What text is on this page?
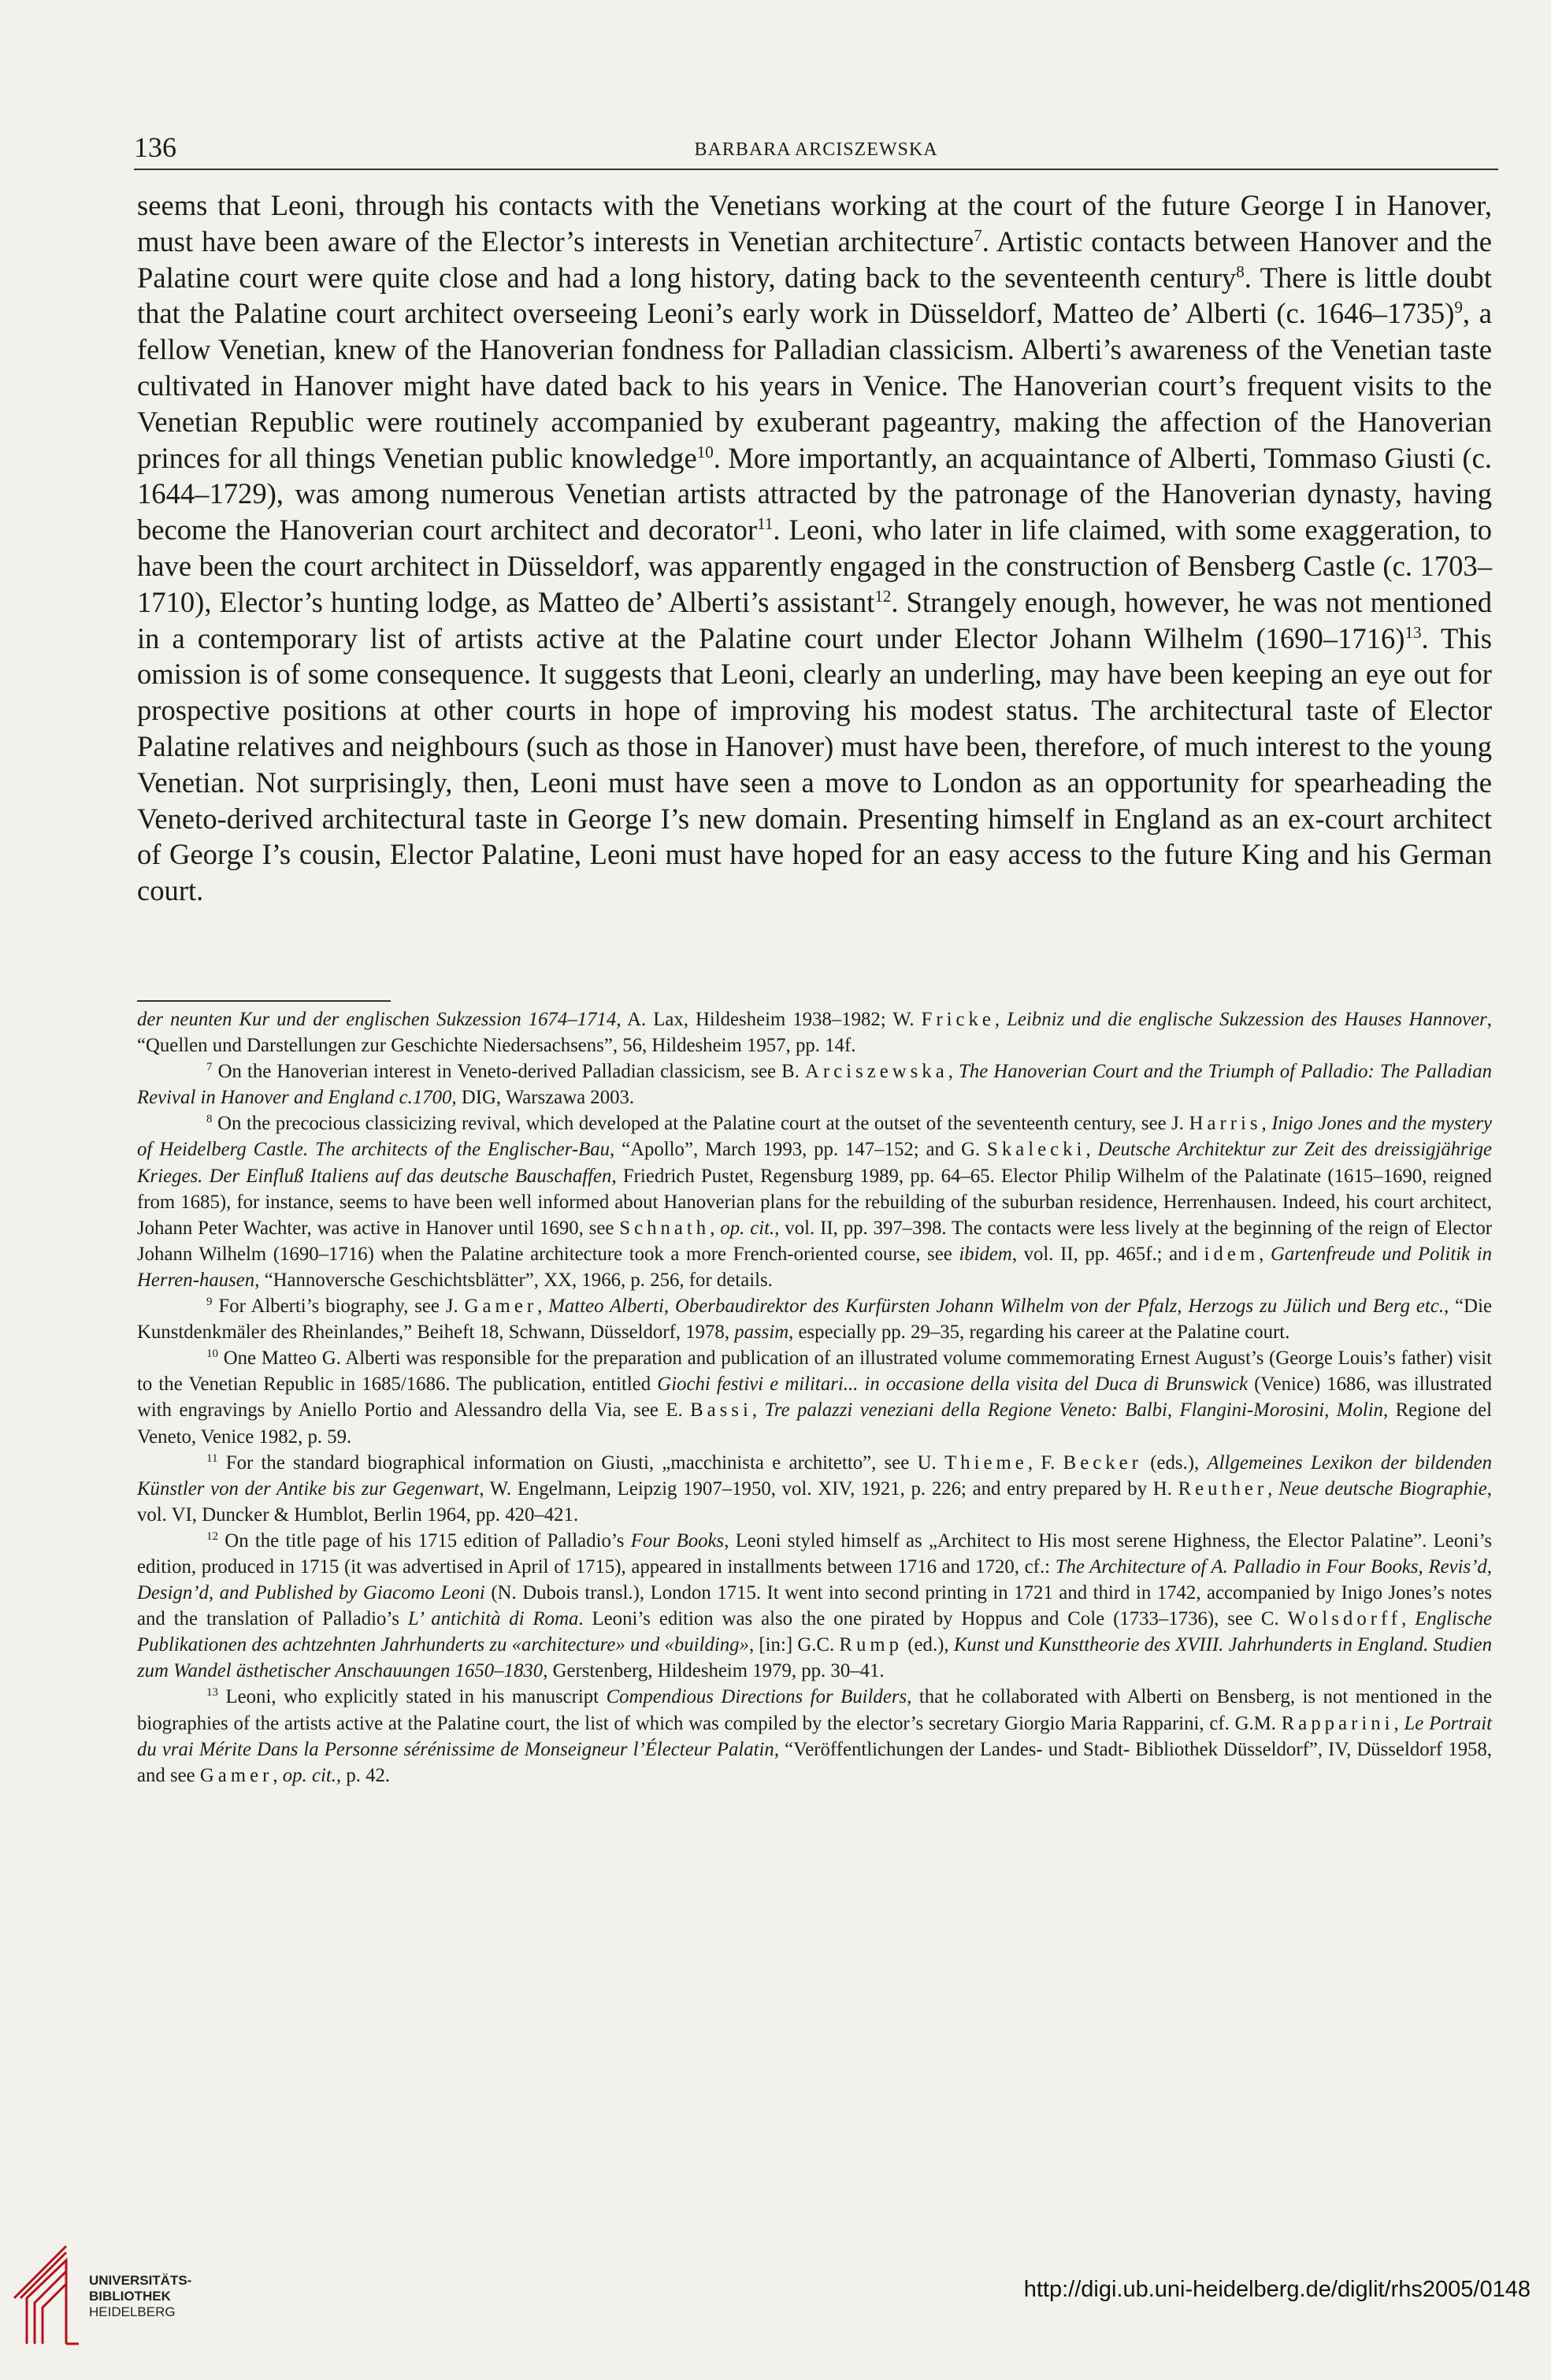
136	BARBARA ARCISZEWSKA

seems that Leoni, through his contacts with the Venetians working at the court of the future George I in Hanover, must have been aware of the Elector’s interests in Venetian architecture$^7$. Artistic contacts between Hanover and the Palatine court were quite close and had a long history, dating back to the seventeenth century$^8$. There is little doubt that the Palatine court architect overseeing Leoni’s early work in Düsseldorf, Matteo de’ Alberti (c. 1646–1735)$^9$, a fellow Venetian, knew of the Hanoverian fondness for Palladian classicism. Alberti’s awareness of the Venetian taste cultivated in Hanover might have dated back to his years in Venice. The Hanoverian court’s frequent visits to the Venetian Republic were routinely accompanied by exuberant pageantry, making the affection of the Hanoverian princes for all things Venetian public knowledge$^{10}$. More importantly, an acquaintance of Alberti, Tommaso Giusti (c. 1644–1729), was among numerous Venetian artists attracted by the patronage of the Hanoverian dynasty, having become the Hanoverian court architect and decorator$^{11}$. Leoni, who later in life claimed, with some exaggeration, to have been the court architect in Düsseldorf, was apparently engaged in the construction of Bensberg Castle (c. 1703–1710), Elector’s hunting lodge, as Matteo de’ Alberti’s assistant$^{12}$. Strangely enough, however, he was not mentioned in a contemporary list of artists active at the Palatine court under Elector Johann Wilhelm (1690–1716)$^{13}$. This omission is of some consequence. It suggests that Leoni, clearly an underling, may have been keeping an eye out for prospective positions at other courts in hope of improving his modest status. The architectural taste of Elector Palatine relatives and neighbours (such as those in Hanover) must have been, therefore, of much interest to the young Venetian. Not surprisingly, then, Leoni must have seen a move to London as an opportunity for spearheading the Veneto-derived architectural taste in George I’s new domain. Presenting himself in England as an ex-court architect of George I’s cousin, Elector Palatine, Leoni must have hoped for an easy access to the future King and his German court.

der neunten Kur und der englischen Sukzession 1674–1714, A. Lax, Hildesheim 1938–1982; W. Fricke, Leibniz und die englische Sukzession des Hauses Hannover, “Quellen und Darstellungen zur Geschichte Niedersachsens”, 56, Hildesheim 1957, pp. 14f.

$^7$ On the Hanoverian interest in Veneto-derived Palladian classicism, see B. Arciszewska, The Hanoverian Court and the Triumph of Palladio: The Palladian Revival in Hanover and England c.1700, DIG, Warszawa 2003.

$^8$ On the precocious classicizing revival, which developed at the Palatine court at the outset of the seventeenth century, see J. Harris, Inigo Jones and the mystery of Heidelberg Castle. The architects of the Englischer-Bau, “Apollo”, March 1993, pp. 147–152; and G. Skalecki, Deutsche Architektur zur Zeit des dreissigjährige Krieges. Der Einfluß Italiens auf das deutsche Bauschaffen, Friedrich Pustet, Regensburg 1989, pp. 64–65. Elector Philip Wilhelm of the Palatinate (1615–1690, reigned from 1685), for instance, seems to have been well informed about Hanoverian plans for the rebuilding of the suburban residence, Herrenhausen. Indeed, his court architect, Johann Peter Wachter, was active in Hanover until 1690, see Schnath, op. cit., vol. II, pp. 397–398. The contacts were less lively at the beginning of the reign of Elector Johann Wilhelm (1690–1716) when the Palatine architecture took a more French-oriented course, see ibidem, vol. II, pp. 465f.; and idem, Gartenfreude und Politik in Herren-hausen, “Hannoversche Geschichtsblätter”, XX, 1966, p. 256, for details.

$^9$ For Alberti’s biography, see J. Gamer, Matteo Alberti, Oberbaudirektor des Kurfürsten Johann Wilhelm von der Pfalz, Herzogs zu Jülich und Berg etc., “Die Kunstdenkmäler des Rheinlandes,” Beiheft 18, Schwann, Düsseldorf, 1978, passim, especially pp. 29–35, regarding his career at the Palatine court.

$^{10}$ One Matteo G. Alberti was responsible for the preparation and publication of an illustrated volume commemorating Ernest August’s (George Louis’s father) visit to the Venetian Republic in 1685/1686. The publication, entitled Giochi festivi e militari... in occasione della visita del Duca di Brunswick (Venice) 1686, was illustrated with engravings by Aniello Portio and Alessandro della Via, see E. Bassi, Tre palazzi veneziani della Regione Veneto: Balbi, Flangini-Morosini, Molin, Regione del Veneto, Venice 1982, p. 59.

$^{11}$ For the standard biographical information on Giusti, „macchinista e architetto”, see U. Thieme, F. Becker (eds.), Allgemeines Lexikon der bildenden Künstler von der Antike bis zur Gegenwart, W. Engelmann, Leipzig 1907–1950, vol. XIV, 1921, p. 226; and entry prepared by H. Reuther, Neue deutsche Biographie, vol. VI, Duncker & Humblot, Berlin 1964, pp. 420–421.

$^{12}$ On the title page of his 1715 edition of Palladio’s Four Books, Leoni styled himself as „Architect to His most serene Highness, the Elector Palatine”. Leoni’s edition, produced in 1715 (it was advertised in April of 1715), appeared in installments between 1716 and 1720, cf.: The Architecture of A. Palladio in Four Books, Revis’d, Design’d, and Published by Giacomo Leoni (N. Dubois transl.), London 1715. It went into second printing in 1721 and third in 1742, accompanied by Inigo Jones’s notes and the translation of Palladio’s L’ antichità di Roma. Leoni’s edition was also the one pirated by Hoppus and Cole (1733–1736), see C. Wolsdorff, Englische Publikationen des achtzehnten Jahrhunderts zu «architecture» und «building», [in:] G.C. Rump (ed.), Kunst und Kunsttheorie des XVIII. Jahrhunderts in England. Studien zum Wandel ästhetischer Anschauungen 1650–1830, Gerstenberg, Hildesheim 1979, pp. 30–41.

$^{13}$ Leoni, who explicitly stated in his manuscript Compendious Directions for Builders, that he collaborated with Alberti on Bensberg, is not mentioned in the biographies of the artists active at the Palatine court, the list of which was compiled by the elector’s secretary Giorgio Maria Rapparini, cf. G.M. Rapparini, Le Portrait du vrai Mérite Dans la Personne sérénissime de Monseigneur l’Électeur Palatin, “Veröffentlichungen der Landes- und Stadt- Bibliothek Düsseldorf”, IV, Düsseldorf 1958, and see Gamer, op. cit., p. 42.

UNIVERSITÄTS-
BIBLIOTHEK
HEIDELBERG
http://digi.ub.uni-heidelberg.de/diglit/rhs2005/0148
